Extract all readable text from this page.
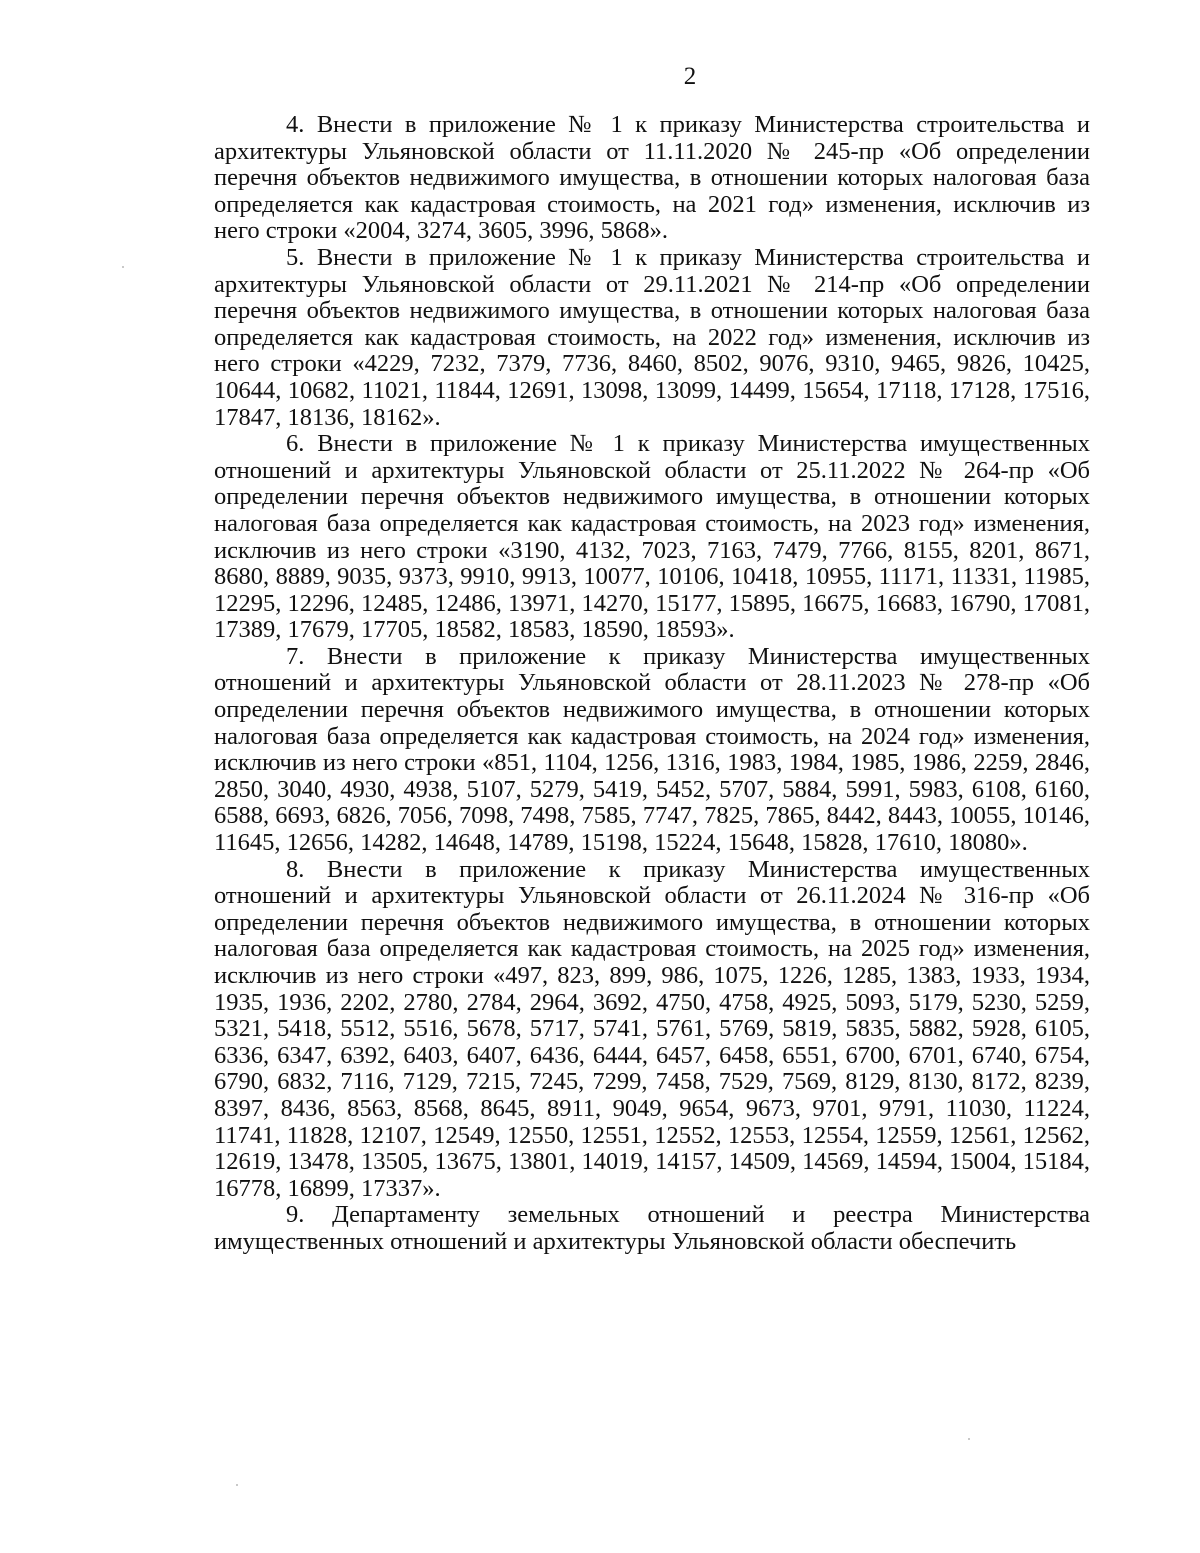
2

4. Внести в приложение № 1 к приказу Министерства строительства и архитектуры Ульяновской области от 11.11.2020 № 245-пр «Об определении перечня объектов недвижимого имущества, в отношении которых налоговая база определяется как кадастровая стоимость, на 2021 год» изменения, исключив из него строки «2004, 3274, 3605, 3996, 5868».

5. Внести в приложение № 1 к приказу Министерства строительства и архитектуры Ульяновской области от 29.11.2021 № 214-пр «Об определении перечня объектов недвижимого имущества, в отношении которых налоговая база определяется как кадастровая стоимость, на 2022 год» изменения, исключив из него строки «4229, 7232, 7379, 7736, 8460, 8502, 9076, 9310, 9465, 9826, 10425, 10644, 10682, 11021, 11844, 12691, 13098, 13099, 14499, 15654, 17118, 17128, 17516, 17847, 18136, 18162».

6. Внести в приложение № 1 к приказу Министерства имущественных отношений и архитектуры Ульяновской области от 25.11.2022 № 264-пр «Об определении перечня объектов недвижимого имущества, в отношении которых налоговая база определяется как кадастровая стоимость, на 2023 год» изменения, исключив из него строки «3190, 4132, 7023, 7163, 7479, 7766, 8155, 8201, 8671, 8680, 8889, 9035, 9373, 9910, 9913, 10077, 10106, 10418, 10955, 11171, 11331, 11985, 12295, 12296, 12485, 12486, 13971, 14270, 15177, 15895, 16675, 16683, 16790, 17081, 17389, 17679, 17705, 18582, 18583, 18590, 18593».

7. Внести в приложение к приказу Министерства имущественных отношений и архитектуры Ульяновской области от 28.11.2023 № 278-пр «Об определении перечня объектов недвижимого имущества, в отношении которых налоговая база определяется как кадастровая стоимость, на 2024 год» изменения, исключив из него строки «851, 1104, 1256, 1316, 1983, 1984, 1985, 1986, 2259, 2846, 2850, 3040, 4930, 4938, 5107, 5279, 5419, 5452, 5707, 5884, 5991, 5983, 6108, 6160, 6588, 6693, 6826, 7056, 7098, 7498, 7585, 7747, 7825, 7865, 8442, 8443, 10055, 10146, 11645, 12656, 14282, 14648, 14789, 15198, 15224, 15648, 15828, 17610, 18080».

8. Внести в приложение к приказу Министерства имущественных отношений и архитектуры Ульяновской области от 26.11.2024 № 316-пр «Об определении перечня объектов недвижимого имущества, в отношении которых налоговая база определяется как кадастровая стоимость, на 2025 год» изменения, исключив из него строки «497, 823, 899, 986, 1075, 1226, 1285, 1383, 1933, 1934, 1935, 1936, 2202, 2780, 2784, 2964, 3692, 4750, 4758, 4925, 5093, 5179, 5230, 5259, 5321, 5418, 5512, 5516, 5678, 5717, 5741, 5761, 5769, 5819, 5835, 5882, 5928, 6105, 6336, 6347, 6392, 6403, 6407, 6436, 6444, 6457, 6458, 6551, 6700, 6701, 6740, 6754, 6790, 6832, 7116, 7129, 7215, 7245, 7299, 7458, 7529, 7569, 8129, 8130, 8172, 8239, 8397, 8436, 8563, 8568, 8645, 8911, 9049, 9654, 9673, 9701, 9791, 11030, 11224, 11741, 11828, 12107, 12549, 12550, 12551, 12552, 12553, 12554, 12559, 12561, 12562, 12619, 13478, 13505, 13675, 13801, 14019, 14157, 14509, 14569, 14594, 15004, 15184, 16778, 16899, 17337».

9. Департаменту земельных отношений и реестра Министерства имущественных отношений и архитектуры Ульяновской области обеспечить
